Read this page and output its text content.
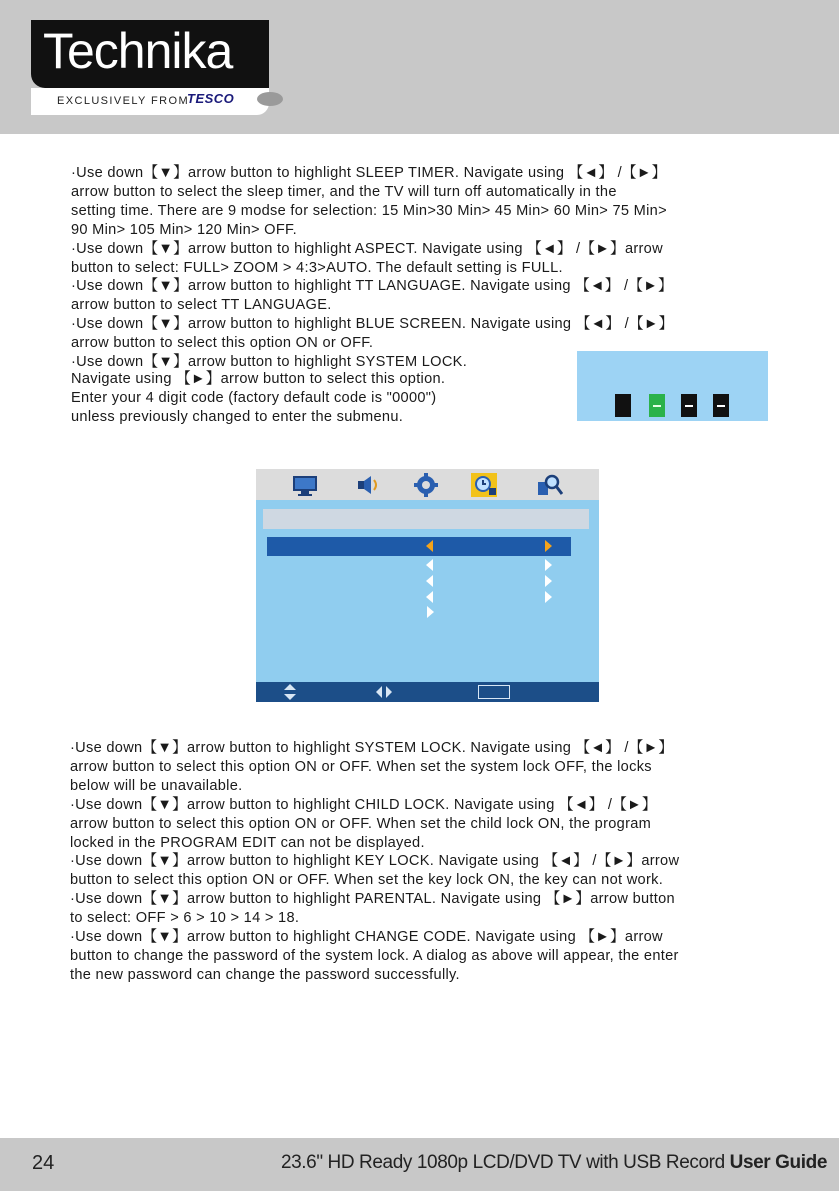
Technika
EXCLUSIVELY FROM
TESCO

·Use down【▼】arrow button to highlight SLEEP TIMER. Navigate using 【◄】 /【►】

arrow button to select the sleep timer, and the TV will turn off automatically in the

setting time. There are 9 modse for selection: 15 Min>30 Min> 45 Min> 60 Min> 75 Min>

90 Min> 105 Min> 120 Min> OFF.

·Use down【▼】arrow button to highlight ASPECT. Navigate using 【◄】 /【►】arrow

button to select: FULL> ZOOM > 4:3>AUTO. The default setting is FULL.

·Use down【▼】arrow button to highlight TT LANGUAGE. Navigate using 【◄】 /【►】

arrow button to select TT LANGUAGE.

·Use down【▼】arrow button to highlight BLUE SCREEN. Navigate using 【◄】 /【►】

arrow button to select this option ON or OFF.

·Use down【▼】arrow button to highlight SYSTEM LOCK.

Navigate using 【►】arrow button to select this option.

Enter your 4 digit code (factory default code is "0000")

unless previously changed to enter the submenu.

·Use down【▼】arrow button to highlight SYSTEM LOCK. Navigate using 【◄】 /【►】

arrow button to select this option ON or OFF. When set the system lock OFF, the locks

below will be unavailable.

·Use down【▼】arrow button to highlight CHILD LOCK. Navigate using 【◄】 /【►】

arrow button to select this option ON or OFF. When set the child lock ON, the program

locked in the PROGRAM EDIT can not be displayed.

·Use down【▼】arrow button to highlight KEY LOCK. Navigate using 【◄】 /【►】arrow

button to select this option ON or OFF. When set the key lock ON, the key can not work.

·Use down【▼】arrow button to highlight PARENTAL. Navigate using 【►】arrow button

to select: OFF > 6 > 10 > 14 > 18.

·Use down【▼】arrow button to highlight CHANGE CODE. Navigate using 【►】arrow

button to change the password of the system lock. A dialog as above will appear, the enter

the new password can change the password successfully.

24	23.6" HD Ready 1080p LCD/DVD TV with USB Record User Guide
